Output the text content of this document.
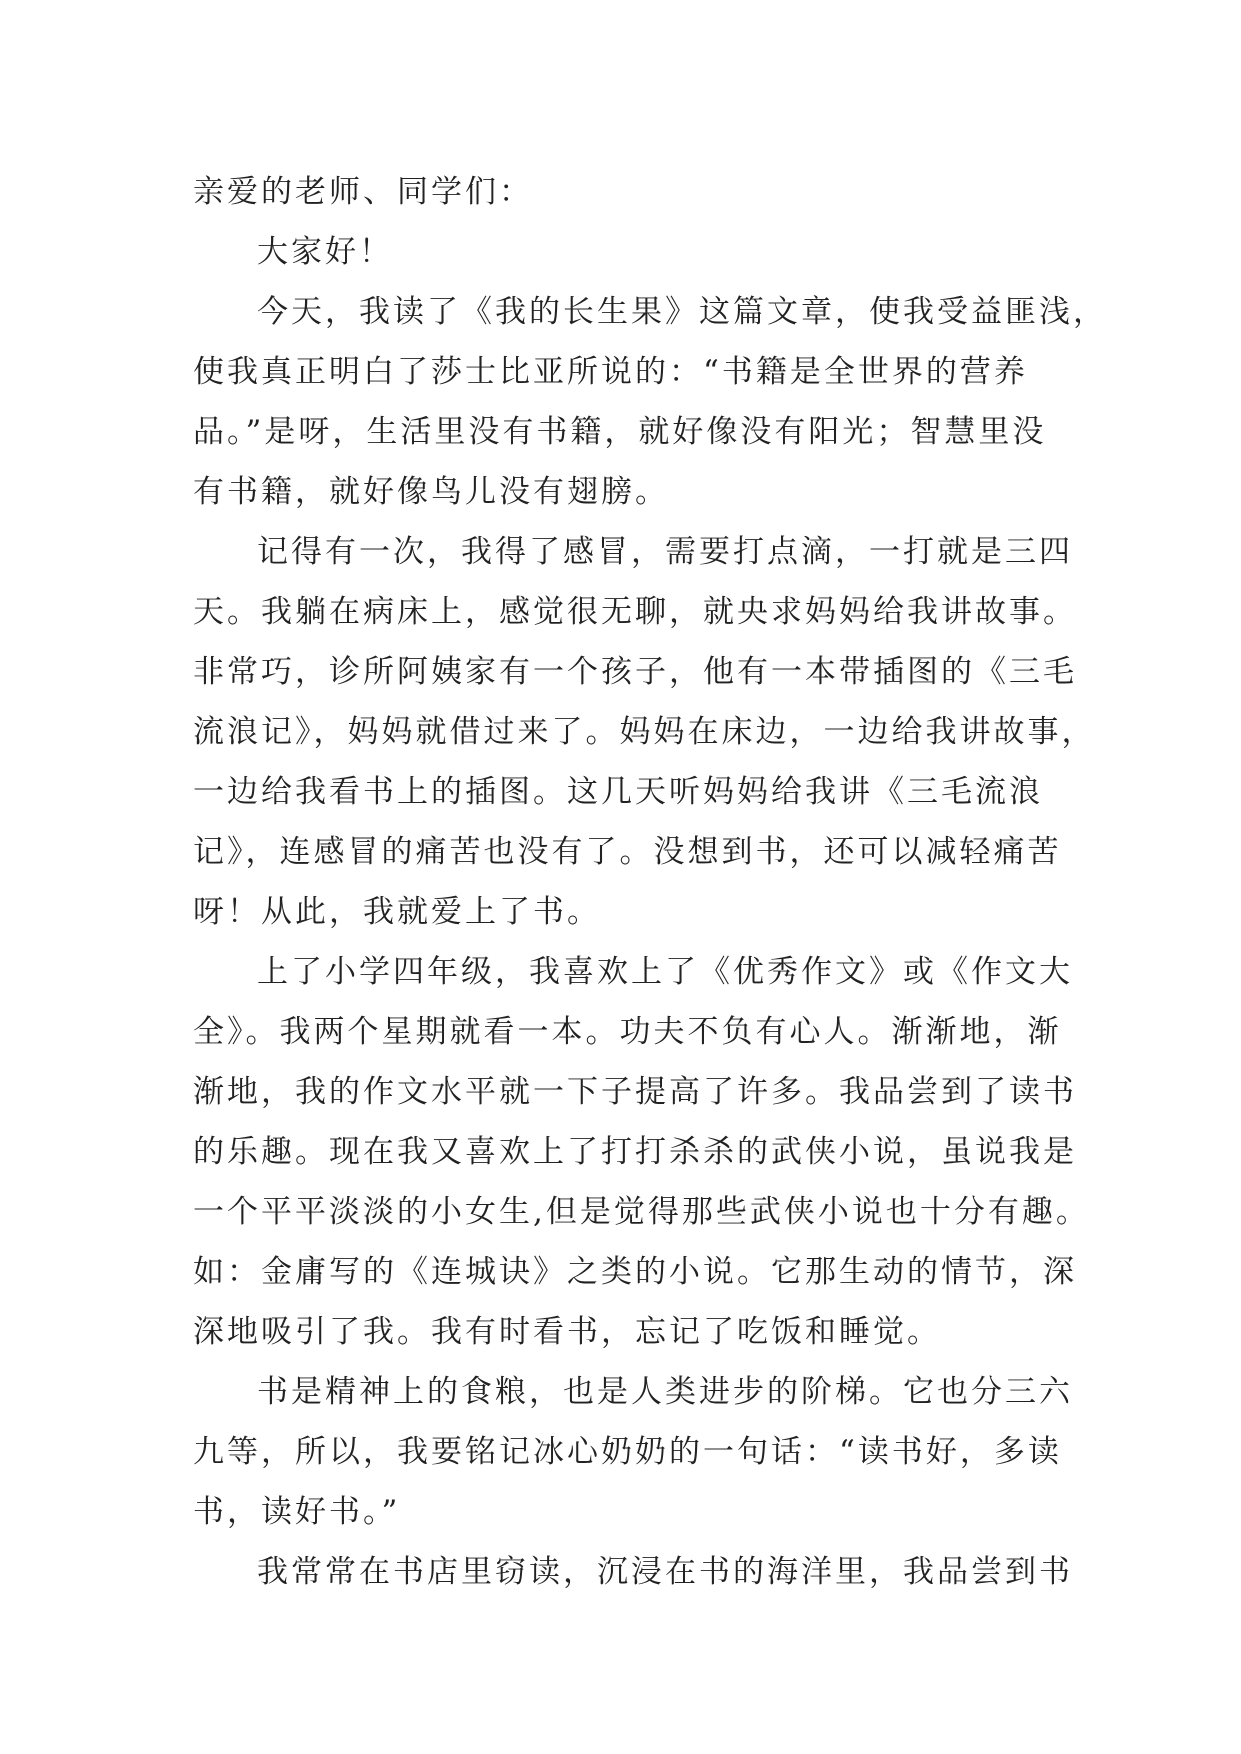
亲爱的老师、同学们：
大家好！
今天，我读了《我的长生果》这篇文章，使我受益匪浅，
使我真正明白了莎士比亚所说的：“书籍是全世界的营养
品。”是呀，生活里没有书籍，就好像没有阳光；智慧里没
有书籍，就好像鸟儿没有翅膀。
记得有一次，我得了感冒，需要打点滴，一打就是三四
天。我躺在病床上，感觉很无聊，就央求妈妈给我讲故事。
非常巧，诊所阿姨家有一个孩子，他有一本带插图的《三毛
流浪记》，妈妈就借过来了。妈妈在床边，一边给我讲故事，
一边给我看书上的插图。这几天听妈妈给我讲《三毛流浪
记》，连感冒的痛苦也没有了。没想到书，还可以减轻痛苦
呀！从此，我就爱上了书。
上了小学四年级，我喜欢上了《优秀作文》或《作文大
全》。我两个星期就看一本。功夫不负有心人。渐渐地，渐
渐地，我的作文水平就一下子提高了许多。我品尝到了读书
的乐趣。现在我又喜欢上了打打杀杀的武侠小说，虽说我是
一个平平淡淡的小女生,但是觉得那些武侠小说也十分有趣。
如：金庸写的《连城诀》之类的小说。它那生动的情节，深
深地吸引了我。我有时看书，忘记了吃饭和睡觉。
书是精神上的食粮，也是人类进步的阶梯。它也分三六
九等，所以，我要铭记冰心奶奶的一句话：“读书好，多读
书，读好书。”
我常常在书店里窃读，沉浸在书的海洋里，我品尝到书
